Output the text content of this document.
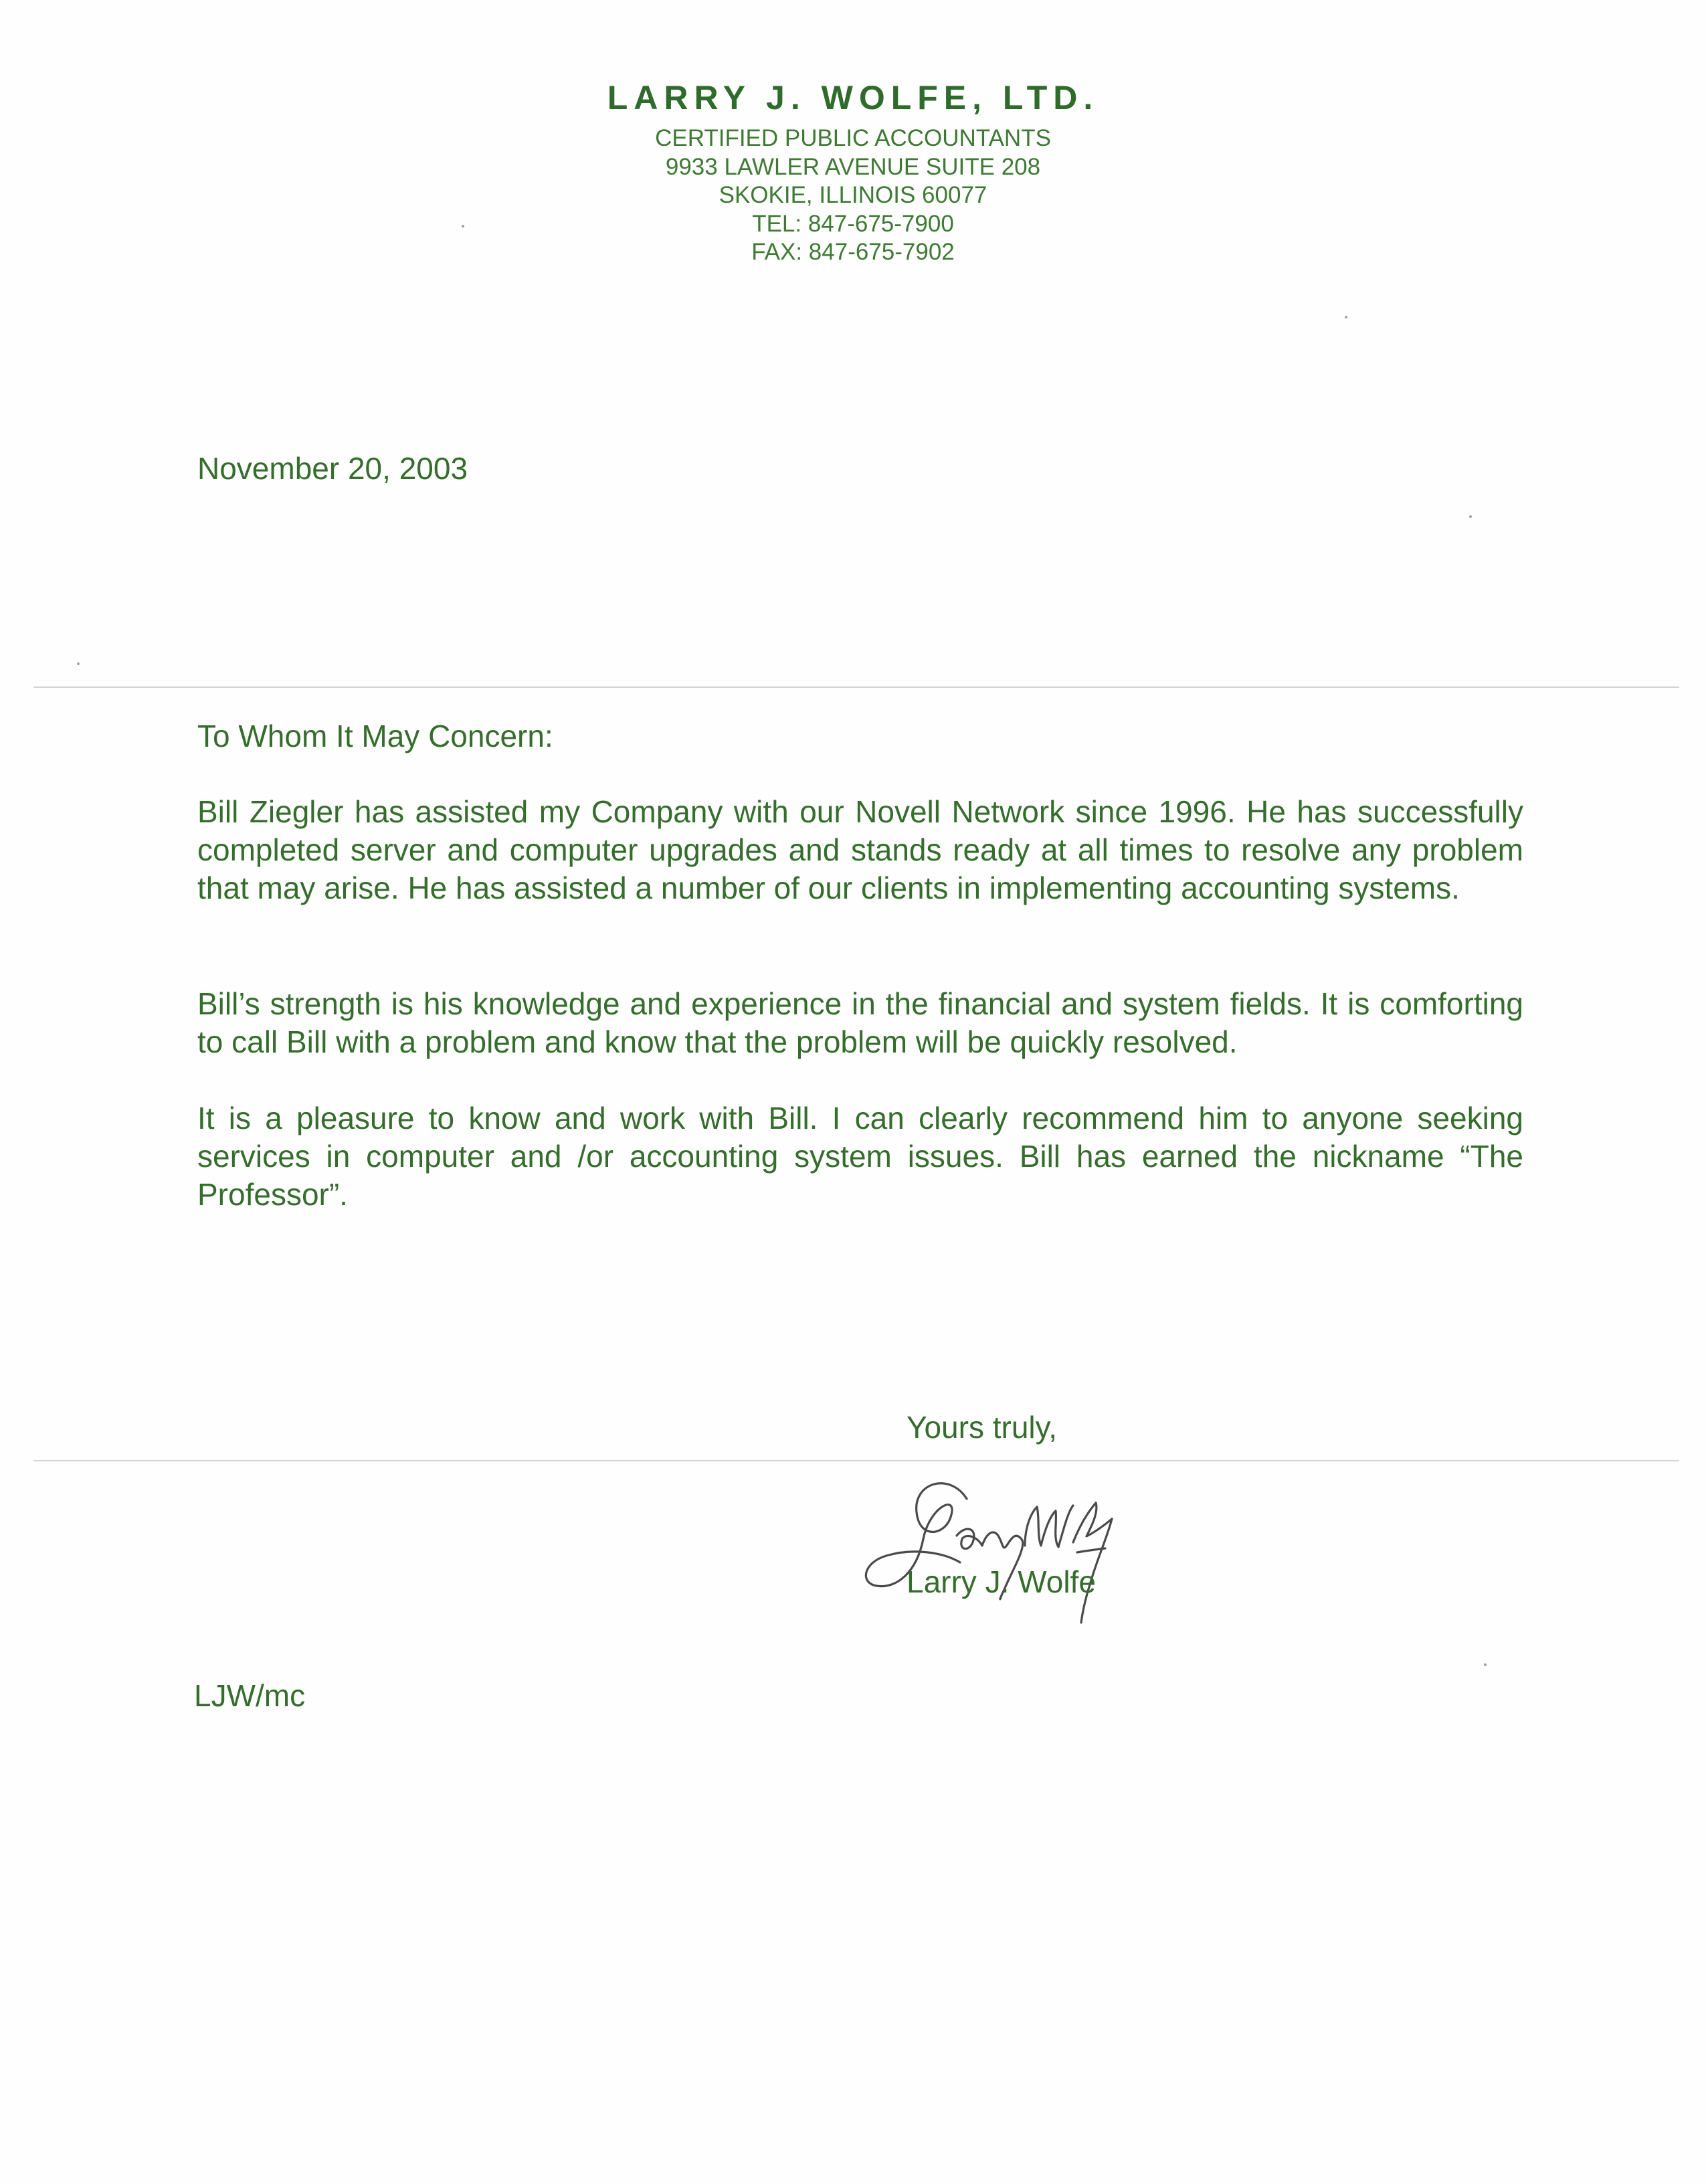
LARRY J. WOLFE, LTD.
CERTIFIED PUBLIC ACCOUNTANTS
9933 LAWLER AVENUE SUITE 208
SKOKIE, ILLINOIS 60077
TEL: 847-675-7900
FAX: 847-675-7902
November 20, 2003
To Whom It May Concern:

Bill Ziegler has assisted my Company with our Novell Network since 1996. He has successfully completed server and computer upgrades and stands ready at all times to resolve any problem that may arise. He has assisted a number of our clients in implementing accounting systems.

Bill’s strength is his knowledge and experience in the financial and system fields. It is comforting to call Bill with a problem and know that the problem will be quickly resolved.

It is a pleasure to know and work with Bill. I can clearly recommend him to anyone seeking services in computer and /or accounting system issues. Bill has earned the nickname “The Professor”.

Yours truly,
Larry J. Wolfe
LJW/mc
